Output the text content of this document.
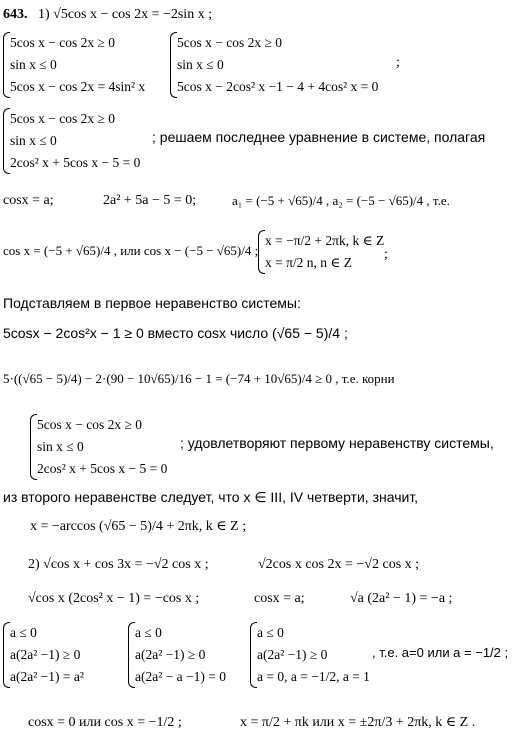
643. 1) √5cos x − cos 2x = −2sin x ;
5cos x − cos 2x ≥ 0
sin x ≤ 0
5cos x − cos 2x = 4sin² x
5cos x − cos 2x ≥ 0
sin x ≤ 0
5cos x − 2cos² x −1 − 4 + 4cos² x = 0
;
5cos x − cos 2x ≥ 0
sin x ≤ 0
2cos² x + 5cos x − 5 = 0
; решаем последнее уравнение в системе, полагая
cosx = a;	2a² + 5a − 5 = 0;	a₁ = (−5 + √65)/4 , a₂ = (−5 − √65)/4 , т.е.
cos x = (−5 + √65)/4 , или cos x − (−5 − √65)/4 ;
x = −π/2 + 2πk, k ∈ Z
x = π/2 n, n ∈ Z
;
Подставляем в первое неравенство системы:
5cosx − 2cos²x − 1 ≥ 0 вместо cosx число (√65 − 5)/4 ;
5·((√65 − 5)/4) − 2·(90 − 10√65)/16 − 1 = (−74 + 10√65)/4 ≥ 0 , т.е. корни
5cos x − cos 2x ≥ 0
sin x ≤ 0
2cos² x + 5cos x − 5 = 0
; удовлетворяют первому неравенству системы,
из второго неравенстве следует, что x ∈ III, IV четверти, значит,
x = −arccos (√65 − 5)/4 + 2πk, k ∈ Z ;
2) √cos x + cos 3x = −√2 cos x ;	√2cos x cos 2x = −√2 cos x ;
√cos x (2cos² x − 1) = −cos x ;	cosx = a;	√a (2a² − 1) = −a ;
a ≤ 0
a(2a² −1) ≥ 0
a(2a² −1) = a²
a ≤ 0
a(2a² −1) ≥ 0
a(2a² − a −1) = 0
a ≤ 0
a(2a² −1) ≥ 0
a = 0, a = −1/2, a = 1
, т.е. a=0 или a = −1/2 ;
cosx = 0 или cos x = −1/2 ;	x = π/2 + πk или x = ±2π/3 + 2πk, k ∈ Z .
